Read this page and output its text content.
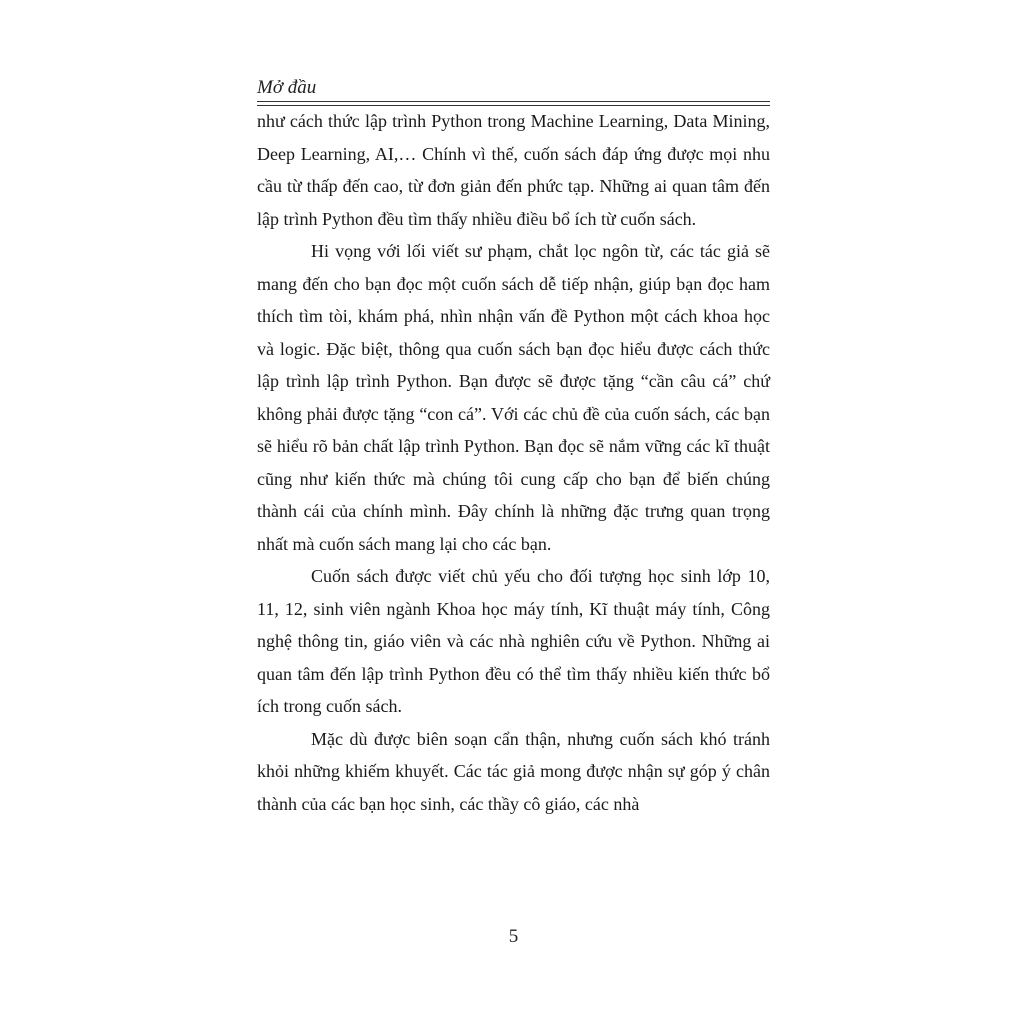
Mở đầu

như cách thức lập trình Python trong Machine Learning, Data Mining, Deep Learning, AI,… Chính vì thế, cuốn sách đáp ứng được mọi nhu cầu từ thấp đến cao, từ đơn giản đến phức tạp. Những ai quan tâm đến lập trình Python đều tìm thấy nhiều điều bổ ích từ cuốn sách.

Hi vọng với lối viết sư phạm, chắt lọc ngôn từ, các tác giả sẽ mang đến cho bạn đọc một cuốn sách dễ tiếp nhận, giúp bạn đọc ham thích tìm tòi, khám phá, nhìn nhận vấn đề Python một cách khoa học và logic. Đặc biệt, thông qua cuốn sách bạn đọc hiểu được cách thức lập trình lập trình Python. Bạn được sẽ được tặng “cần câu cá” chứ không phải được tặng “con cá”. Với các chủ đề của cuốn sách, các bạn sẽ hiểu rõ bản chất lập trình Python. Bạn đọc sẽ nắm vững các kĩ thuật cũng như kiến thức mà chúng tôi cung cấp cho bạn để biến chúng thành cái của chính mình. Đây chính là những đặc trưng quan trọng nhất mà cuốn sách mang lại cho các bạn.

Cuốn sách được viết chủ yếu cho đối tượng học sinh lớp 10, 11, 12, sinh viên ngành Khoa học máy tính, Kĩ thuật máy tính, Công nghệ thông tin, giáo viên và các nhà nghiên cứu về Python. Những ai quan tâm đến lập trình Python đều có thể tìm thấy nhiều kiến thức bổ ích trong cuốn sách.

Mặc dù được biên soạn cẩn thận, nhưng cuốn sách khó tránh khỏi những khiếm khuyết. Các tác giả mong được nhận sự góp ý chân thành của các bạn học sinh, các thầy cô giáo, các nhà

5
